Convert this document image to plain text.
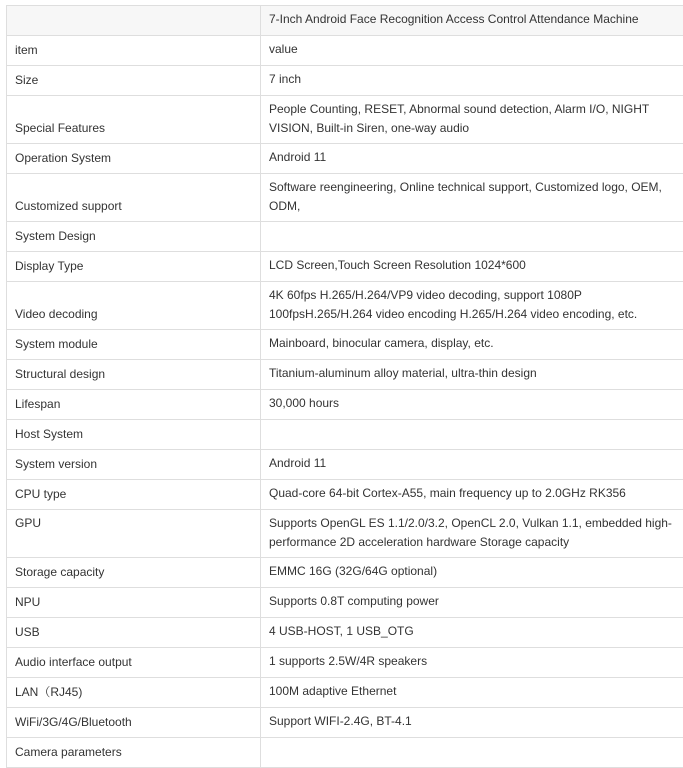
	7-Inch Android Face Recognition Access Control Attendance Machine
item	value
Size	7 inch
Special Features	People Counting, RESET, Abnormal sound detection, Alarm I/O, NIGHT VISION, Built-in Siren, one-way audio
Operation System	Android 11
Customized support	Software reengineering, Online technical support, Customized logo, OEM, ODM,
System Design	
Display Type	LCD Screen,Touch Screen Resolution 1024*600
Video decoding	4K 60fps H.265/H.264/VP9 video decoding, support 1080P 100fpsH.265/H.264 video encoding H.265/H.264 video encoding, etc.
System module	Mainboard, binocular camera, display, etc.
Structural design	Titanium-aluminum alloy material, ultra-thin design
Lifespan	30,000 hours
Host System	
System version	Android 11
CPU type	Quad-core 64-bit Cortex-A55, main frequency up to 2.0GHz RK356
GPU	Supports OpenGL ES 1.1/2.0/3.2, OpenCL 2.0, Vulkan 1.1, embedded high-performance 2D acceleration hardware Storage capacity
Storage capacity	EMMC 16G (32G/64G optional)
NPU	Supports 0.8T computing power
USB	4 USB-HOST, 1 USB_OTG
Audio interface output	1 supports 2.5W/4R speakers
LAN（RJ45)	100M adaptive Ethernet
WiFi/3G/4G/Bluetooth	Support WIFI-2.4G, BT-4.1
Camera parameters	
